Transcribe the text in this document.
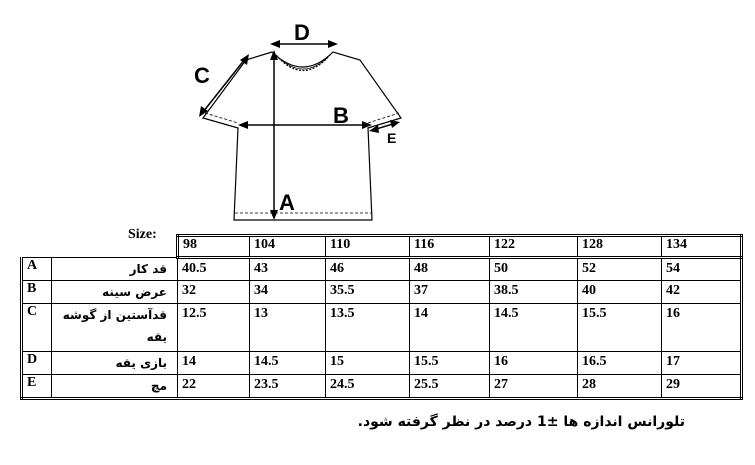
A
B
C
D
E
Size:
		98	104	110	116	122	128	134
A	قد کار	40.5	43	46	48	50	52	54
B	عرض سینه	32	34	35.5	37	38.5	40	42
C	قدآستین از گوشه یقه	12.5	13	13.5	14	14.5	15.5	16
D	بازی یقه	14	14.5	15	15.5	16	16.5	17
E	مچ	22	23.5	24.5	25.5	27	28	29
تلورانس اندازه ها ±1 درصد در نظر گرفته شود.
